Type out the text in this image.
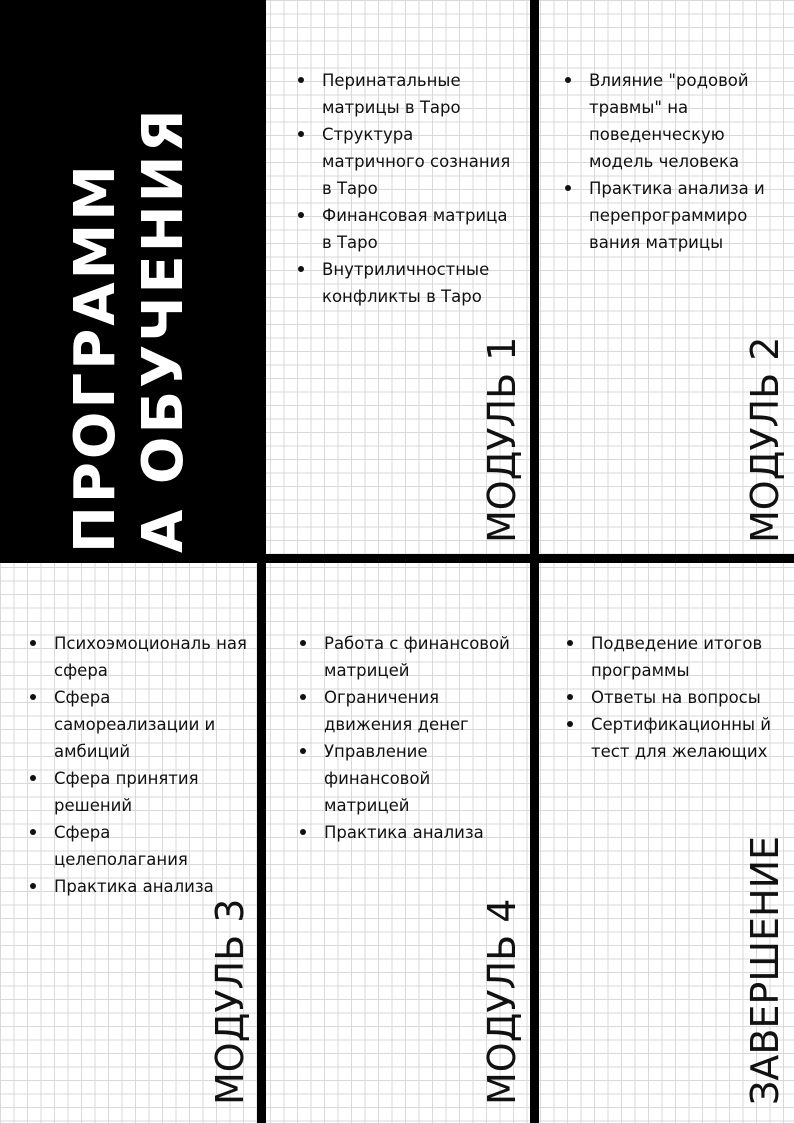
ПРОГРАММ А ОБУЧЕНИЯ
Перинатальные матрицы в Таро
Структура матричного сознания в Таро
Финансовая матрица в Таро
Внутриличностные конфликты в Таро
МОДУЛЬ 1
Влияние "родовой травмы" на поведенческую модель человека
Практика анализа и перепрограммиро вания матрицы
МОДУЛЬ 2
Психоэмоциональ ная сфера
Сфера самореализации и амбиций
Сфера принятия решений
Сфера целеполагания
Практика анализа
МОДУЛЬ 3
Работа с финансовой матрицей
Ограничения движения денег
Управление финансовой матрицей
Практика анализа
МОДУЛЬ 4
Подведение итогов программы
Ответы на вопросы
Сертификационны й тест для желающих
ЗАВЕРШЕНИЕ
